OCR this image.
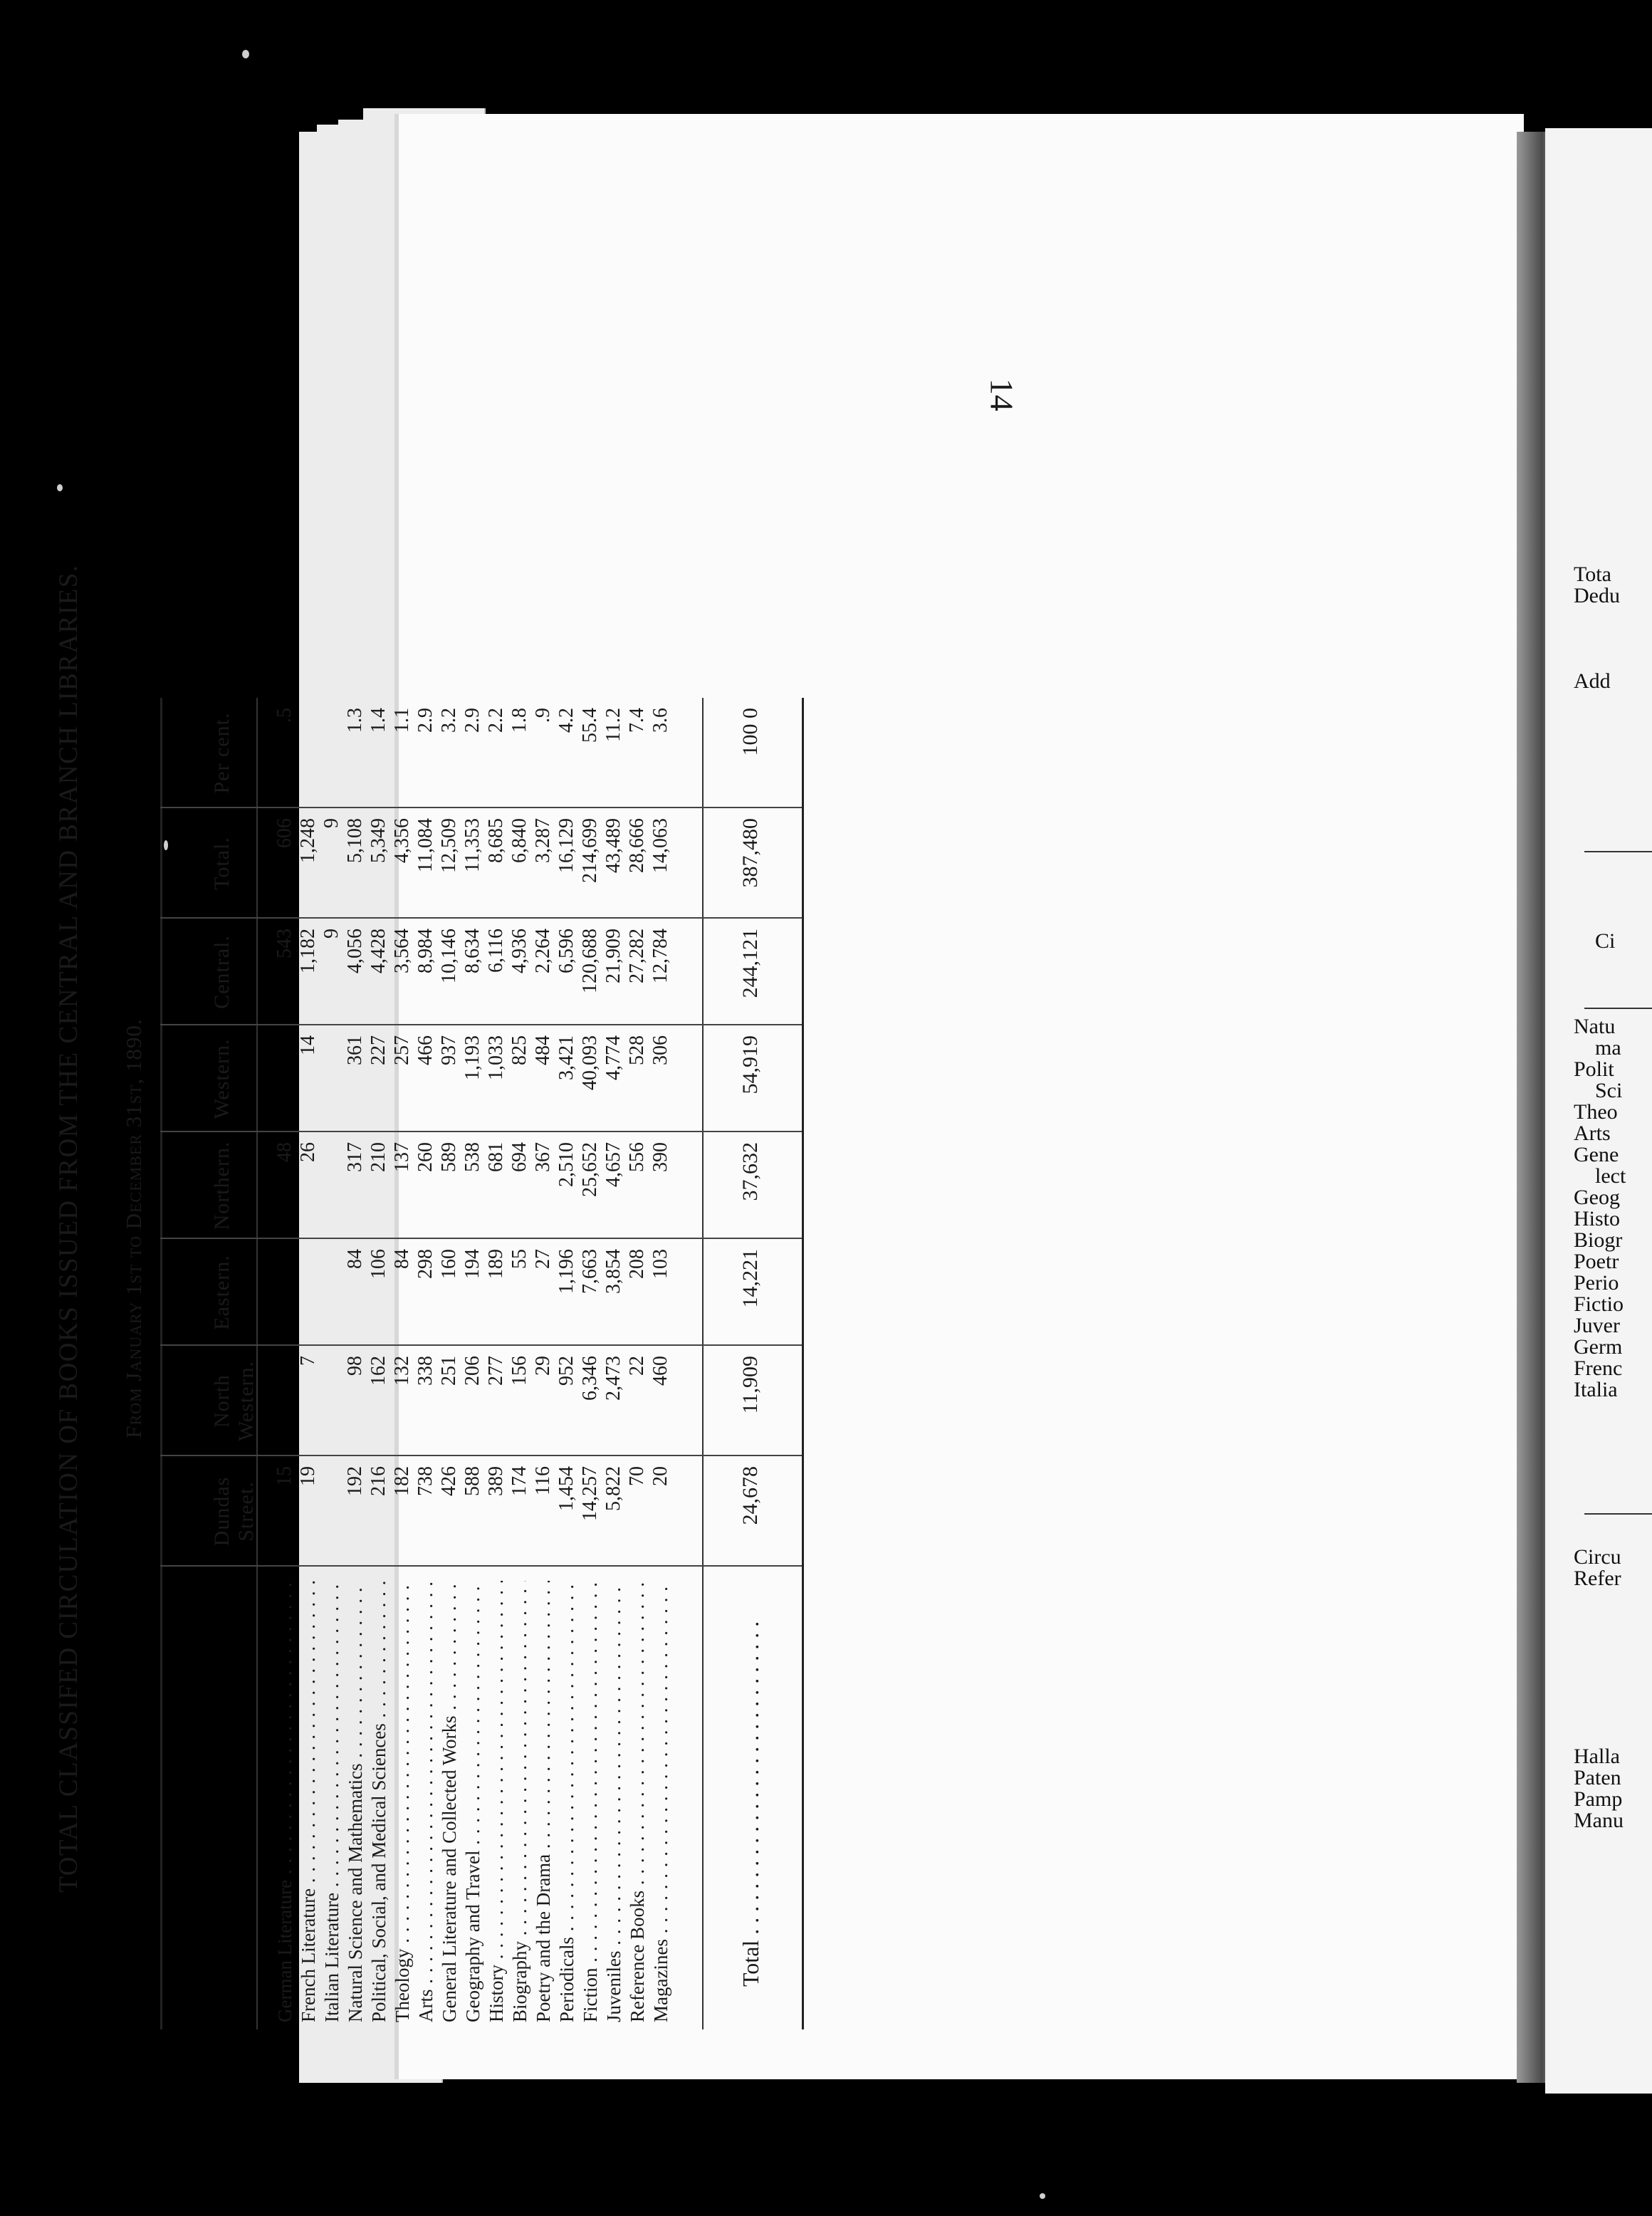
Tota
Dedu
Add
Ci
Natu
ma
Polit
Sci
Theo
Arts
Gene
lect
Geog
Histo
Biogr
Poetr
Perio
Fictio
Juver
Germ
Frenc
Italia
Circu
Refer
Halla
Paten
Pamp
Manu
14
TOTAL CLASSIFED CIRCULATION OF BOOKS ISSUED FROM THE CENTRAL AND BRANCH LIBRARIES. From January 1st to December 31st, 1890.
Dundas Street.
North Western.
Eastern.
Northern.
Western.
Central.
Total.
Per cent.
German Literature . . .
15
48
543
606
.5
French Literature . . .
19
7
26
14
1,182
1,248
Italian Literature . . .
9
9
Natural Science and Mathematics . . .
192
98
84
317
361
4,056
5,108
1.3
Political, Social, and Medical Sciences . . .
216
162
106
210
227
4,428
5,349
1.4
Theology . . .
182
132
84
137
257
3,564
4,356
1.1
Arts . . .
738
338
298
260
466
8,984
11,084
2.9
General Literature and Collected Works . . .
426
251
160
589
937
10,146
12,509
3.2
Geography and Travel . . .
588
206
194
538
1,193
8,634
11,353
2.9
History . . .
389
277
189
681
1,033
6,116
8,685
2.2
Biography . . .
174
156
55
694
825
4,936
6,840
1.8
Poetry and the Drama . . .
116
29
27
367
484
2,264
3,287
.9
Periodicals . . .
1,454
952
1,196
2,510
3,421
6,596
16,129
4.2
Fiction . . .
14,257
6,346
7,663
25,652
40,093
120,688
214,699
55.4
Juveniles . . .
5,822
2,473
3,854
4,657
4,774
21,909
43,489
11.2
Reference Books . . .
70
22
208
556
528
27,282
28,666
7.4
Magazines . . .
20
460
103
390
306
12,784
14,063
3.6
Total . . .
24,678
11,909
14,221
37,632
54,919
244,121
387,480
100 0
